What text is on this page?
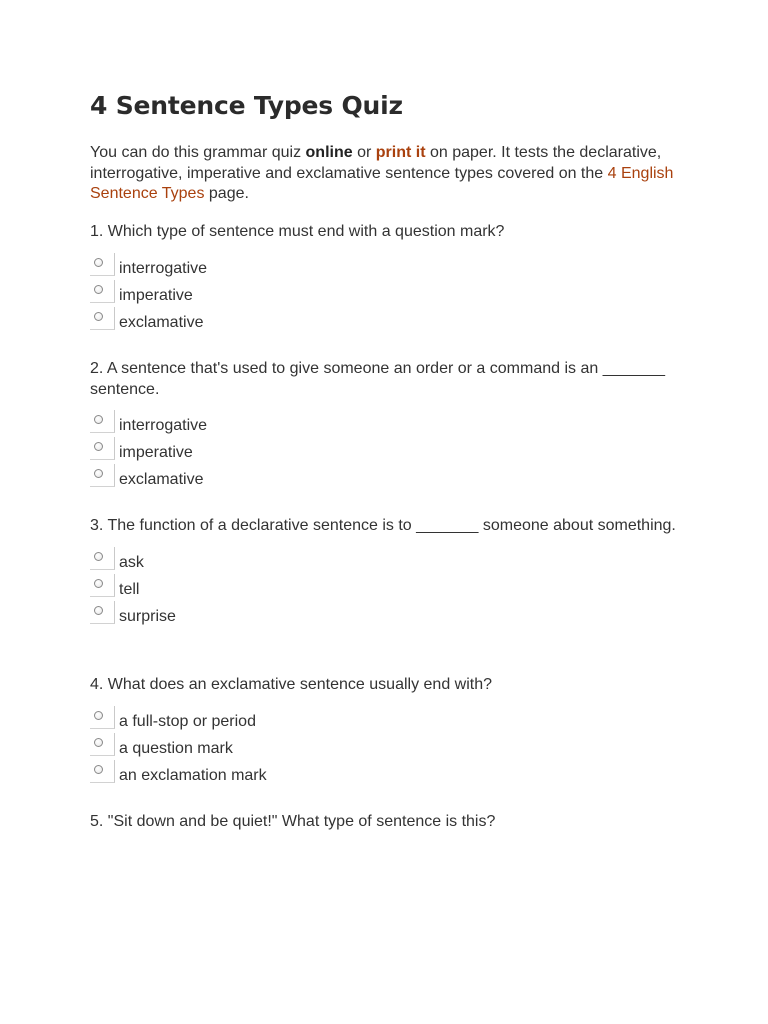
4 Sentence Types Quiz

You can do this grammar quiz online or print it on paper. It tests the declarative, interrogative, imperative and exclamative sentence types covered on the 4 English Sentence Types page.

1. Which type of sentence must end with a question mark?

interrogative
imperative
exclamative

2. A sentence that's used to give someone an order or a command is an _______ sentence.

interrogative
imperative
exclamative

3. The function of a declarative sentence is to _______ someone about something.

ask
tell
surprise

4. What does an exclamative sentence usually end with?

a full-stop or period
a question mark
an exclamation mark

5. "Sit down and be quiet!" What type of sentence is this?
